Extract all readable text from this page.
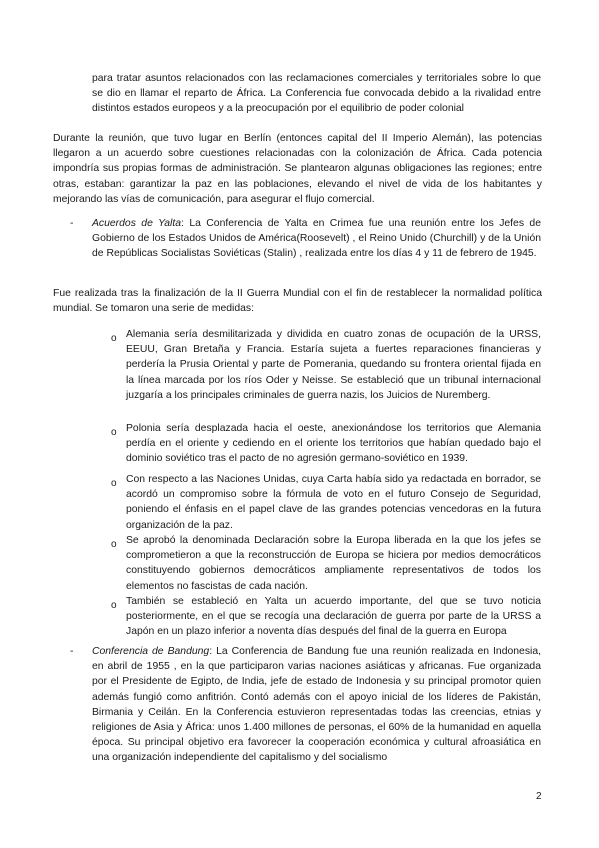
para tratar asuntos relacionados con las reclamaciones comerciales y territoriales sobre lo que se dio en llamar el reparto de África. La Conferencia fue convocada debido a la rivalidad entre distintos estados europeos y a la preocupación por el equilibrio de poder colonial

Durante la reunión, que tuvo lugar en Berlín (entonces capital del II Imperio Alemán), las potencias llegaron a un acuerdo sobre cuestiones relacionadas con la colonización de África. Cada potencia impondría sus propias formas de administración. Se plantearon algunas obligaciones las regiones; entre otras, estaban: garantizar la paz en las poblaciones, elevando el nivel de vida de los habitantes y mejorando las vías de comunicación, para asegurar el flujo comercial.

- Acuerdos de Yalta: La Conferencia de Yalta en Crimea fue una reunión entre los Jefes de Gobierno de los Estados Unidos de América(Roosevelt) , el Reino Unido (Churchill) y de la Unión de Repúblicas Socialistas Soviéticas (Stalin) , realizada entre los días 4 y 11 de febrero de 1945.

Fue realizada tras la finalización de la II Guerra Mundial con el fin de restablecer la normalidad política mundial. Se tomaron una serie de medidas:

o Alemania sería desmilitarizada y dividida en cuatro zonas de ocupación de la URSS, EEUU, Gran Bretaña y Francia. Estaría sujeta a fuertes reparaciones financieras y perdería la Prusia Oriental y parte de Pomerania, quedando su frontera oriental fijada en la línea marcada por los ríos Oder y Neisse. Se estableció que un tribunal internacional juzgaría a los principales criminales de guerra nazis, los Juicios de Nuremberg.

o Polonia sería desplazada hacia el oeste, anexionándose los territorios que Alemania perdía en el oriente y cediendo en el oriente los territorios que habían quedado bajo el dominio soviético tras el pacto de no agresión germano-soviético en 1939.

o Con respecto a las Naciones Unidas, cuya Carta había sido ya redactada en borrador, se acordó un compromiso sobre la fórmula de voto en el futuro Consejo de Seguridad, poniendo el énfasis en el papel clave de las grandes potencias vencedoras en la futura organización de la paz.

o Se aprobó la denominada Declaración sobre la Europa liberada en la que los jefes se comprometieron a que la reconstrucción de Europa se hiciera por medios democráticos constituyendo gobiernos democráticos ampliamente representativos de todos los elementos no fascistas de cada nación.

o También se estableció en Yalta un acuerdo importante, del que se tuvo noticia posteriormente, en el que se recogía una declaración de guerra por parte de la URSS a Japón en un plazo inferior a noventa días después del final de la guerra en Europa

- Conferencia de Bandung: La Conferencia de Bandung fue una reunión realizada en Indonesia, en abril de 1955 , en la que participaron varias naciones asiáticas y africanas. Fue organizada por el Presidente de Egipto, de India, jefe de estado de Indonesia y su principal promotor quien además fungió como anfitrión. Contó además con el apoyo inicial de los líderes de Pakistán, Birmania y Ceilán. En la Conferencia estuvieron representadas todas las creencias, etnias y religiones de Asia y África: unos 1.400 millones de personas, el 60% de la humanidad en aquella época. Su principal objetivo era favorecer la cooperación económica y cultural afroasiática en una organización independiente del capitalismo y del socialismo

2
